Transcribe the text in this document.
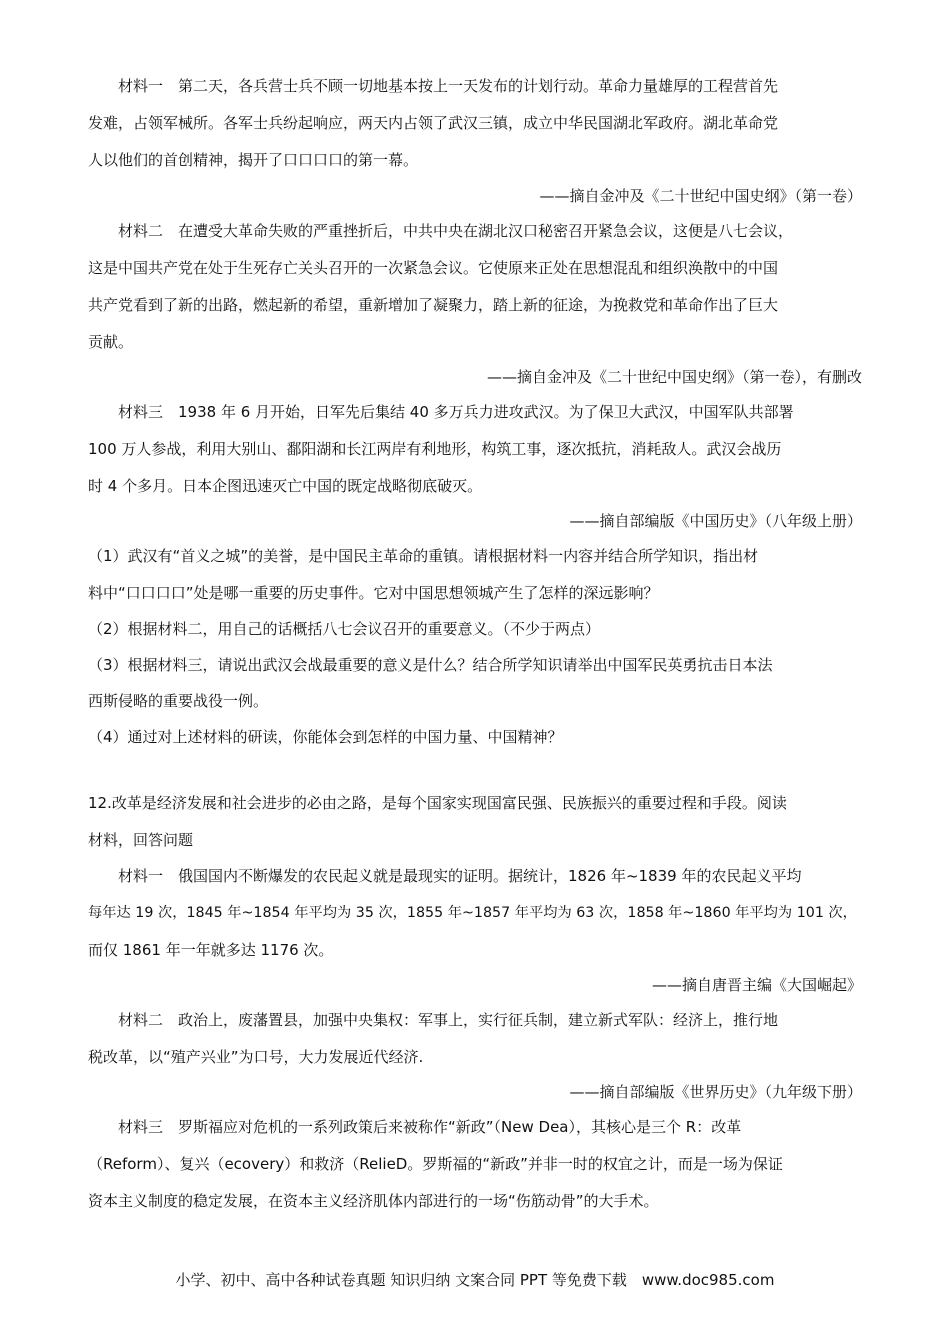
材料一　第二天，各兵营士兵不顾一切地基本按上一天发布的计划行动。革命力量雄厚的工程营首先
发难，占领军械所。各军士兵纷起响应，两天内占领了武汉三镇，成立中华民国湖北军政府。湖北革命党
人以他们的首创精神，揭开了口口口口的第一幕。
——摘自金冲及《二十世纪中国史纲》（第一卷）
材料二　在遭受大革命失败的严重挫折后，中共中央在湖北汉口秘密召开紧急会议，这便是八七会议，
这是中国共产党在处于生死存亡关头召开的一次紧急会议。它使原来正处在思想混乱和组织涣散中的中国
共产党看到了新的出路，燃起新的希望，重新增加了凝聚力，踏上新的征途，为挽救党和革命作出了巨大
贡献。
——摘自金冲及《二十世纪中国史纲》（第一卷），有删改
材料三　1938 年 6 月开始，日军先后集结 40 多万兵力进攻武汉。为了保卫大武汉，中国军队共部署
100 万人参战，利用大别山、鄱阳湖和长江两岸有利地形，构筑工事，逐次抵抗，消耗敌人。武汉会战历
时 4 个多月。日本企图迅速灭亡中国的既定战略彻底破灭。
——摘自部编版《中国历史》（八年级上册）
（1）武汉有“首义之城”的美誉，是中国民主革命的重镇。请根据材料一内容并结合所学知识，指出材
料中“口口口口”处是哪一重要的历史事件。它对中国思想领城产生了怎样的深远影响？
（2）根据材料二，用自己的话概括八七会议召开的重要意义。（不少于两点）
（3）根据材料三，请说出武汉会战最重要的意义是什么？结合所学知识请举出中国军民英勇抗击日本法
西斯侵略的重要战役一例。
（4）通过对上述材料的研读，你能体会到怎样的中国力量、中国精神？
12.改革是经济发展和社会进步的必由之路，是每个国家实现国富民强、民族振兴的重要过程和手段。阅读
材料，回答问题
材料一　俄国国内不断爆发的农民起义就是最现实的证明。据统计，1826 年~1839 年的农民起义平均
每年达 19 次，1845 年~1854 年平均为 35 次，1855 年~1857 年平均为 63 次，1858 年~1860 年平均为 101 次，
而仅 1861 年一年就多达 1176 次。
——摘自唐晋主编《大国崛起》
材料二　政治上，废藩置县，加强中央集权：军事上，实行征兵制，建立新式军队：经济上，推行地
税改革，以“殖产兴业”为口号，大力发展近代经济.
——摘自部编版《世界历史》（九年级下册）
材料三　罗斯福应对危机的一系列政策后来被称作“新政”（New Dea），其核心是三个 R：改革
（Reform）、复兴（ecovery）和救济（RelieD。罗斯福的“新政”并非一时的权宜之计，而是一场为保证
资本主义制度的稳定发展，在资本主义经济肌体内部进行的一场“伤筋动骨”的大手术。
小学、初中、高中各种试卷真题 知识归纳 文案合同 PPT 等免费下载　www.doc985.com
